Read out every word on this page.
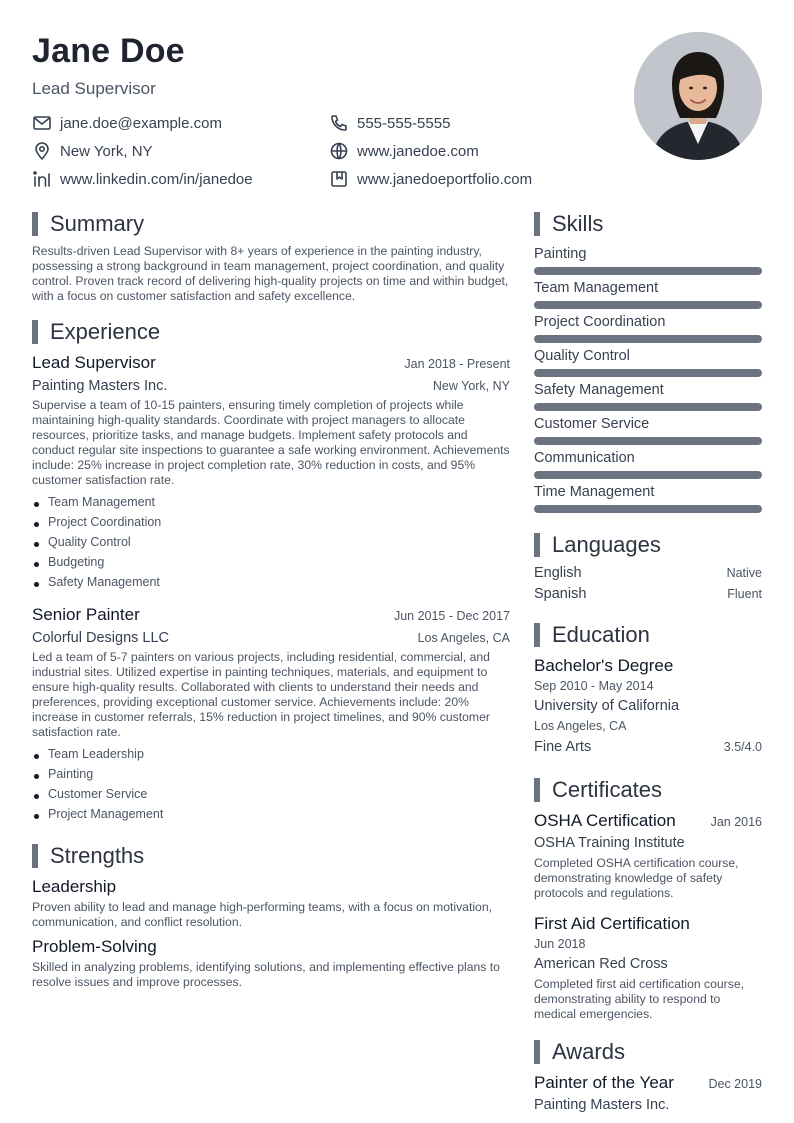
Jane Doe
Lead Supervisor
jane.doe@example.com	555-555-5555
New York, NY	www.janedoe.com
www.linkedin.com/in/janedoe	www.janedoeportfolio.com
Summary
Results-driven Lead Supervisor with 8+ years of experience in the painting industry, possessing a strong background in team management, project coordination, and quality control. Proven track record of delivering high-quality projects on time and within budget, with a focus on customer satisfaction and safety excellence.
Experience
Lead Supervisor	Jan 2018 - Present
Painting Masters Inc.	New York, NY
Supervise a team of 10-15 painters, ensuring timely completion of projects while maintaining high-quality standards. Coordinate with project managers to allocate resources, prioritize tasks, and manage budgets. Implement safety protocols and conduct regular site inspections to guarantee a safe working environment. Achievements include: 25% increase in project completion rate, 30% reduction in costs, and 95% customer satisfaction rate.
Team Management
Project Coordination
Quality Control
Budgeting
Safety Management
Senior Painter	Jun 2015 - Dec 2017
Colorful Designs LLC	Los Angeles, CA
Led a team of 5-7 painters on various projects, including residential, commercial, and industrial sites. Utilized expertise in painting techniques, materials, and equipment to ensure high-quality results. Collaborated with clients to understand their needs and preferences, providing exceptional customer service. Achievements include: 20% increase in customer referrals, 15% reduction in project timelines, and 90% customer satisfaction rate.
Team Leadership
Painting
Customer Service
Project Management
Strengths
Leadership
Proven ability to lead and manage high-performing teams, with a focus on motivation, communication, and conflict resolution.
Problem-Solving
Skilled in analyzing problems, identifying solutions, and implementing effective plans to resolve issues and improve processes.
Skills
Painting
Team Management
Project Coordination
Quality Control
Safety Management
Customer Service
Communication
Time Management
Languages
English	Native
Spanish	Fluent
Education
Bachelor's Degree
Sep 2010 - May 2014
University of California
Los Angeles, CA
Fine Arts	3.5/4.0
Certificates
OSHA Certification	Jan 2016
OSHA Training Institute
Completed OSHA certification course, demonstrating knowledge of safety protocols and regulations.
First Aid Certification
Jun 2018
American Red Cross
Completed first aid certification course, demonstrating ability to respond to medical emergencies.
Awards
Painter of the Year	Dec 2019
Painting Masters Inc.
